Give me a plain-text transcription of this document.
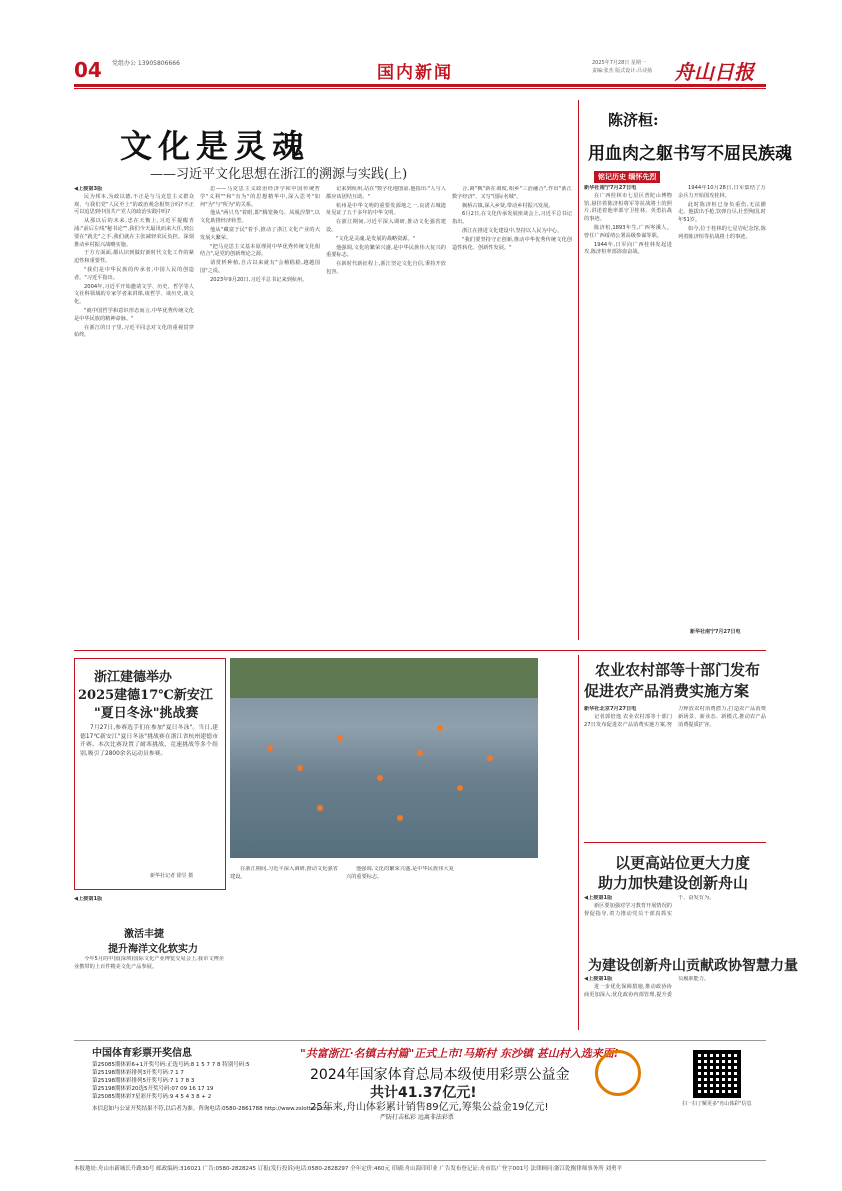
04 党组办公 13905806666	国内新闻	2025年7月28日 星期一
责编:张杰 版式设计:吕诗扬 舟山日报
文化是灵魂
——习近平文化思想在浙江的溯源与实践(上)
◀上接第3版

民为邦本,为政以德,不正是与马克思主义群众观、与我们党"人民至上"的政治观念相契合吗?不正可以追思到中国共产党人的政治实践中吗?

从那以后的未来,忠在天衡上,习近平提醒青浦:"前后左线"秘书论"",我们今天最讯而来大任,到公要在"就先"之手,我们就在主张减轻农民负担。深刻推动乡村振兴战略实施。

于方方面面,都认识到做好新时代文化工作的紧迫性和重要性。

"我们是中华民族的传承者,中国人民的创造者。"习近平指出。

2004年,习近平开始邀请文学、历史、哲学等人文社科领域的专家学者来讲课,谈哲学、谈历史,谈文化。

"就中国哲学和意识形态而言,中华优秀传统文化是中华民族的精神命脉。"

在浙江的日子里,习近平同志对文化的重视贯穿始终。

思——马克思主义政治经济学和中国传统哲学"义利""和"有为"的思想精华中,深入思考"如何"为"与"所为"的关系。

他从"两只鸟"着眼,即"腾笼换鸟、凤凰涅槃",以文化助推经济转型。

他从"藏富于民"着手,推动了浙江文化产业的大发展大繁荣。

"把马克思主义基本原理同中华优秀传统文化相结合",是党的创新理论之源。

请赏析种植,自古以来就有"会稽嵇嵇,越越国国"之说。

2023年9月20日,习近平总书记来到杭州。

记来到杭州,站在"数字化地图前,他指出:"人与人都应该团结互助。"

杭州是中华文明的重要发源地之一,良渚古城遗址见证了五千多年的中华文明。

在浙江期间,习近平深入调研,推动文化强省建设。

"文化是灵魂,是发展的战略资源。"

他强调,文化的繁荣兴盛,是中华民族伟大复兴的重要标志。

在新时代新征程上,浙江坚定文化自信,秉持开放包容。

合,调"枫"新在调度,相乡"三治融合",作出"浙江数字经济"、又写"国际名城"。

枫桥古镇,深入乡贤,带动乡村振兴发展。

6月2日,在文化传承发展座谈会上,习近平总书记指出。

浙江在推进文化建设中,坚持以人民为中心。

"我们要坚持守正创新,推动中华优秀传统文化创造性转化、创新性发展。"

陈济桓:
用血肉之躯书写不屈民族魂
铭记历史 缅怀先烈
新华社南宁7月27日电

在广西桂林市七星区普陀山博物馆,悬挂着陈济桓将军等抗战将士的照片,讲述着他率部守卫桂林、英勇抗战的事迹。

陈济桓,1893年生,广西岑溪人。曾任广西绥靖公署高级参谋等职。

1944年,日军向广西桂林发起进攻,陈济桓率部浴血奋战。

1944年10月28日,日军集结了万余兵力开始围攻桂林。

此时陈济桓已身负重伤,无法撤走。他拔出手枪,饮弹自尽,壮烈殉国,时年51岁。

如今,位于桂林的七星岩纪念馆,陈列着陈济桓等抗战将士的事迹。

新华社南宁7月27日电
浙江建德举办
2025建德17℃新安江
"夏日冬泳"挑战赛

7月27日,参赛选手们在参加"夏日冬泳"。当日,建德17℃新安江"夏日冬泳"挑战赛在浙江省杭州建德市开赛。本次比赛设置了耐寒挑战、竞速挑战等多个组别,吸引了2800余名运动员参赛。

新华社记者 徐昱 摄
农业农村部等十部门发布
促进农产品消费实施方案
新华社北京7月27日电

记者郭倍逸 农业农村部等十部门27日发布促进农产品消费实施方案,努力释放农村消费潜力,打造农产品消费新场景、新业态、新模式,推动农产品消费提质扩容。

以更高站位更大力度
助力加快建设创新舟山
◀上接第1版

新区要加强对学习教育开展情况的督促指导,着力推动党员干部真抓实干、奋发有为。

为建设创新舟山贡献政协智慧力量
◀上接第1版

进一步优化保障措施,推动政协协商更加深入;优化政协内部管理,提升委员履职能力。

◀上接第1版
激活丰捷
提升海洋文化软实力

今年5月的中国(深圳)国际文化产业博览交易会上,我市文博企业携带的上百件精美文化产品参展。

在浙江期间,习近平深入调研,推动文化强省建设。

他强调,文化的繁荣兴盛,是中华民族伟大复兴的重要标志。

中国体育彩票开奖信息
第25085期体彩6+1开奖号码:正选号码:8 1 5 7 7 8 特别号码:5
第25198期体彩排列3开奖号码:7 1 7
第25198期体彩排列5开奖号码:7 1 7 8 3
第25198期体彩20选5开奖号码:07 09 16 17 19
第25085期体彩7星彩开奖号码:9 4 5 4 3 8 + 2
本信息如与公证开奖结果不符,以后者为准。咨询电话:0580-2861788 http://www.zslottery.com
"共富浙江·名镇古村篇"正式上市!马斯村 东沙镇 甚山村入选来面!
2024年国家体育总局本级使用彩票公益金
共计41.37亿元!
25年来,舟山体彩累计销售89亿元,筹集公益金19亿元!
严防打击私彩 远离非法彩票
扫一扫了解更多"舟山体彩"信息
本报地址:舟山市新城长升路30号 邮政编码:316021 广告:0580-2828245 订报(发行投诉)电话:0580-2828297 全年定价:460元 印刷:舟山海印印业 广告发布登记证:舟市监广登字001号 法律顾问:浙江乾衡律师事务所 刘勇平
